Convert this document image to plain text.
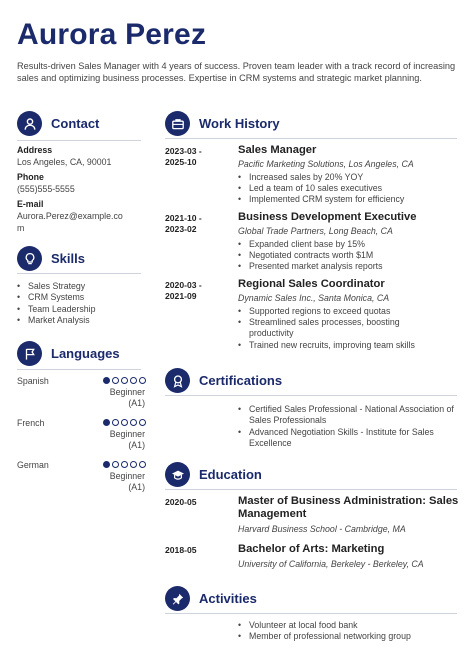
Aurora Perez
Results-driven Sales Manager with 4 years of success. Proven team leader with a track record of increasing sales and optimizing business processes. Expertise in CRM systems and strategic market planning.
Contact
Address
Los Angeles, CA, 90001
Phone
(555)555-5555
E-mail
Aurora.Perez@example.co
m
Skills
• Sales Strategy
• CRM Systems
• Team Leadership
• Market Analysis
Languages
Spanish
Beginner
(A1)
French
Beginner
(A1)
German
Beginner
(A1)
Work History
2023-03 -
2025-10
Sales Manager
Pacific Marketing Solutions, Los Angeles, CA
• Increased sales by 20% YOY
• Led a team of 10 sales executives
• Implemented CRM system for efficiency
2021-10 -
2023-02
Business Development Executive
Global Trade Partners, Long Beach, CA
• Expanded client base by 15%
• Negotiated contracts worth $1M
• Presented market analysis reports
2020-03 -
2021-09
Regional Sales Coordinator
Dynamic Sales Inc., Santa Monica, CA
• Supported regions to exceed quotas
• Streamlined sales processes, boosting productivity
• Trained new recruits, improving team skills
Certifications
• Certified Sales Professional - National Association of Sales Professionals
• Advanced Negotiation Skills - Institute for Sales Excellence
Education
2020-05	Master of Business Administration: Sales Management
Harvard Business School - Cambridge, MA
2018-05	Bachelor of Arts: Marketing
University of California, Berkeley - Berkeley, CA
Activities
• Volunteer at local food bank
• Member of professional networking group
